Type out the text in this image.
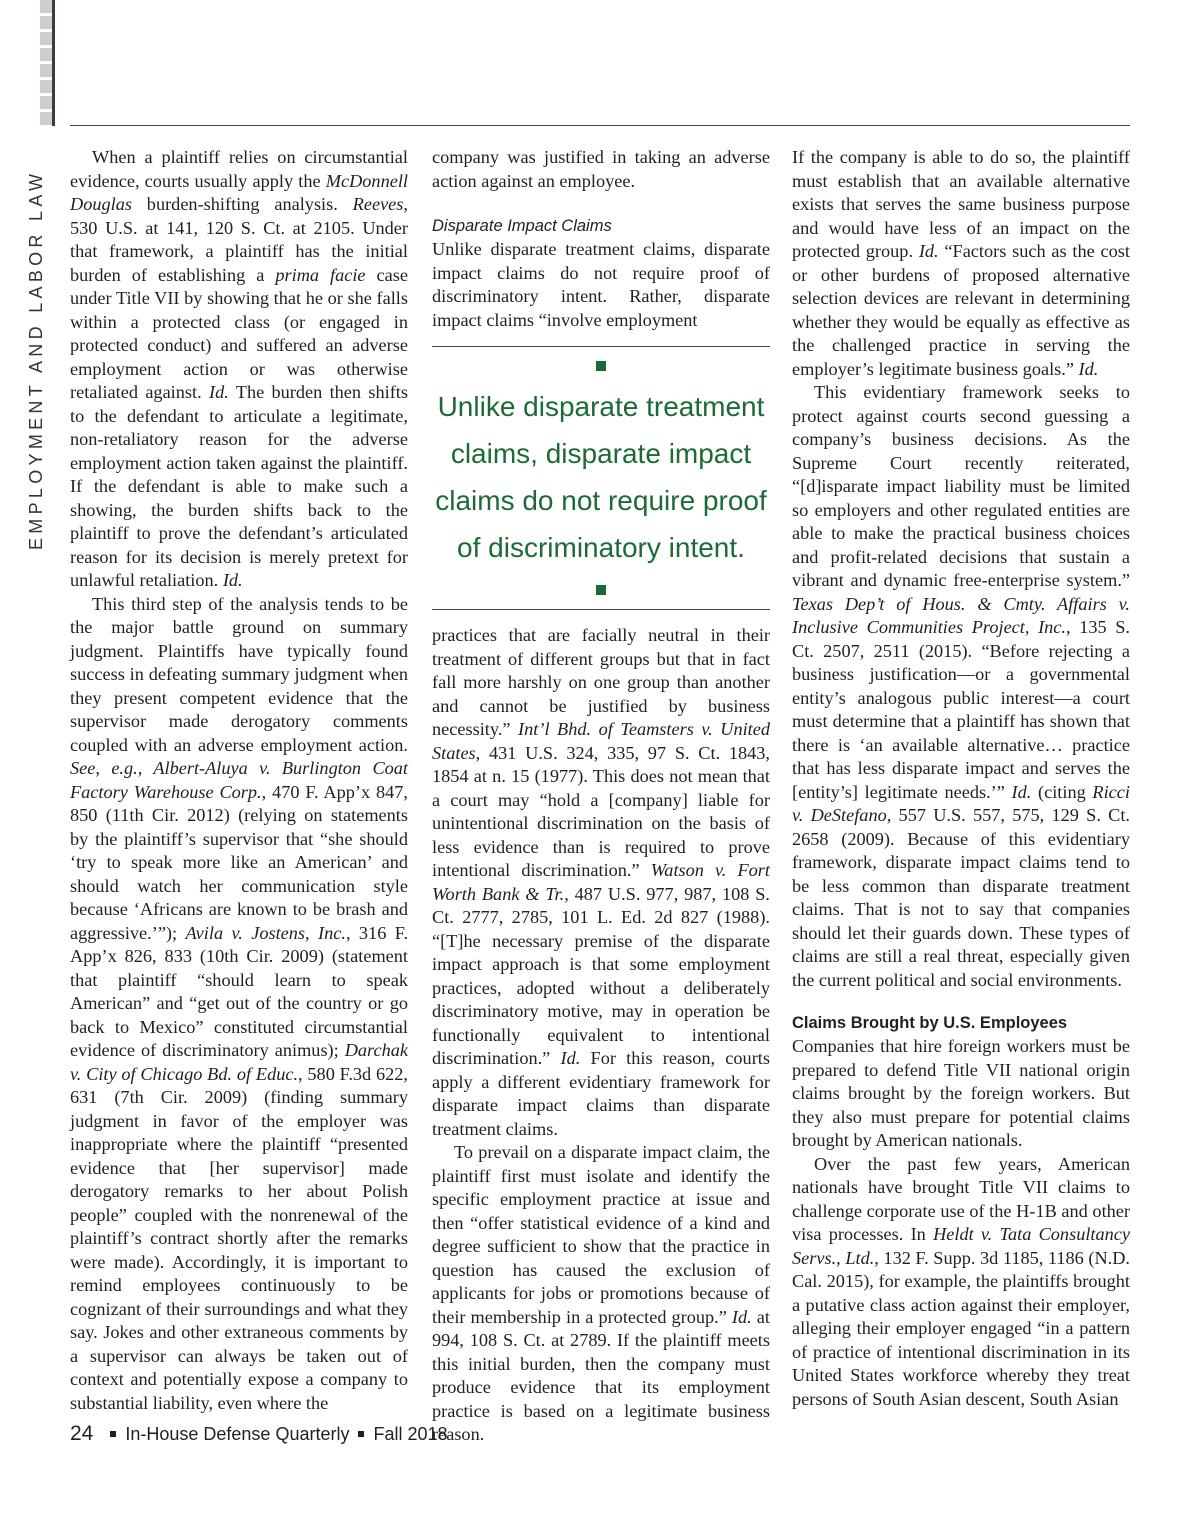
EMPLOYMENT AND LABOR LAW

When a plaintiff relies on circumstantial evidence, courts usually apply the McDonnell Douglas burden-shifting analysis. Reeves, 530 U.S. at 141, 120 S. Ct. at 2105. Under that framework, a plaintiff has the initial burden of establishing a prima facie case under Title VII by showing that he or she falls within a protected class (or engaged in protected conduct) and suffered an adverse employment action or was otherwise retaliated against. Id. The burden then shifts to the defendant to articulate a legitimate, non-retaliatory reason for the adverse employment action taken against the plaintiff. If the defendant is able to make such a showing, the burden shifts back to the plaintiff to prove the defendant’s articulated reason for its decision is merely pretext for unlawful retaliation. Id.

This third step of the analysis tends to be the major battle ground on summary judgment. Plaintiffs have typically found success in defeating summary judgment when they present competent evidence that the supervisor made derogatory comments coupled with an adverse employment action. See, e.g., Albert-Aluya v. Burlington Coat Factory Warehouse Corp., 470 F. App’x 847, 850 (11th Cir. 2012) (relying on statements by the plaintiff’s supervisor that “she should ‘try to speak more like an American’ and should watch her communication style because ‘Africans are known to be brash and aggressive.’”); Avila v. Jostens, Inc., 316 F. App’x 826, 833 (10th Cir. 2009) (statement that plaintiff “should learn to speak American” and “get out of the country or go back to Mexico” constituted circumstantial evidence of discriminatory animus); Darchak v. City of Chicago Bd. of Educ., 580 F.3d 622, 631 (7th Cir. 2009) (finding summary judgment in favor of the employer was inappropriate where the plaintiff “presented evidence that [her supervisor] made derogatory remarks to her about Polish people” coupled with the nonrenewal of the plaintiff’s contract shortly after the remarks were made). Accordingly, it is important to remind employees continuously to be cognizant of their surroundings and what they say. Jokes and other extraneous comments by a supervisor can always be taken out of context and potentially expose a company to substantial liability, even where the

company was justified in taking an adverse action against an employee.

Disparate Impact Claims

Unlike disparate treatment claims, disparate impact claims do not require proof of discriminatory intent. Rather, disparate impact claims “involve employment

Unlike disparate treatment claims, disparate impact claims do not require proof of discriminatory intent.

practices that are facially neutral in their treatment of different groups but that in fact fall more harshly on one group than another and cannot be justified by business necessity.” Int’l Bhd. of Teamsters v. United States, 431 U.S. 324, 335, 97 S. Ct. 1843, 1854 at n. 15 (1977). This does not mean that a court may “hold a [company] liable for unintentional discrimination on the basis of less evidence than is required to prove intentional discrimination.” Watson v. Fort Worth Bank & Tr., 487 U.S. 977, 987, 108 S. Ct. 2777, 2785, 101 L. Ed. 2d 827 (1988). “[T]he necessary premise of the disparate impact approach is that some employment practices, adopted without a deliberately discriminatory motive, may in operation be functionally equivalent to intentional discrimination.” Id. For this reason, courts apply a different evidentiary framework for disparate impact claims than disparate treatment claims.

To prevail on a disparate impact claim, the plaintiff first must isolate and identify the specific employment practice at issue and then “offer statistical evidence of a kind and degree sufficient to show that the practice in question has caused the exclusion of applicants for jobs or promotions because of their membership in a protected group.” Id. at 994, 108 S. Ct. at 2789. If the plaintiff meets this initial burden, then the company must produce evidence that its employment practice is based on a legitimate business reason.

If the company is able to do so, the plaintiff must establish that an available alternative exists that serves the same business purpose and would have less of an impact on the protected group. Id. “Factors such as the cost or other burdens of proposed alternative selection devices are relevant in determining whether they would be equally as effective as the challenged practice in serving the employer’s legitimate business goals.” Id.

This evidentiary framework seeks to protect against courts second guessing a company’s business decisions. As the Supreme Court recently reiterated, “[d]isparate impact liability must be limited so employers and other regulated entities are able to make the practical business choices and profit-related decisions that sustain a vibrant and dynamic free-enterprise system.” Texas Dep’t of Hous. & Cmty. Affairs v. Inclusive Communities Project, Inc., 135 S. Ct. 2507, 2511 (2015). “Before rejecting a business justification—or a governmental entity’s analogous public interest—a court must determine that a plaintiff has shown that there is ‘an available alternative… practice that has less disparate impact and serves the [entity’s] legitimate needs.’” Id. (citing Ricci v. DeStefano, 557 U.S. 557, 575, 129 S. Ct. 2658 (2009). Because of this evidentiary framework, disparate impact claims tend to be less common than disparate treatment claims. That is not to say that companies should let their guards down. These types of claims are still a real threat, especially given the current political and social environments.

Claims Brought by U.S. Employees

Companies that hire foreign workers must be prepared to defend Title VII national origin claims brought by the foreign workers. But they also must prepare for potential claims brought by American nationals.

Over the past few years, American nationals have brought Title VII claims to challenge corporate use of the H-1B and other visa processes. In Heldt v. Tata Consultancy Servs., Ltd., 132 F. Supp. 3d 1185, 1186 (N.D. Cal. 2015), for example, the plaintiffs brought a putative class action against their employer, alleging their employer engaged “in a pattern of practice of intentional discrimination in its United States workforce whereby they treat persons of South Asian descent, South Asian

24 In-House Defense Quarterly Fall 2018
